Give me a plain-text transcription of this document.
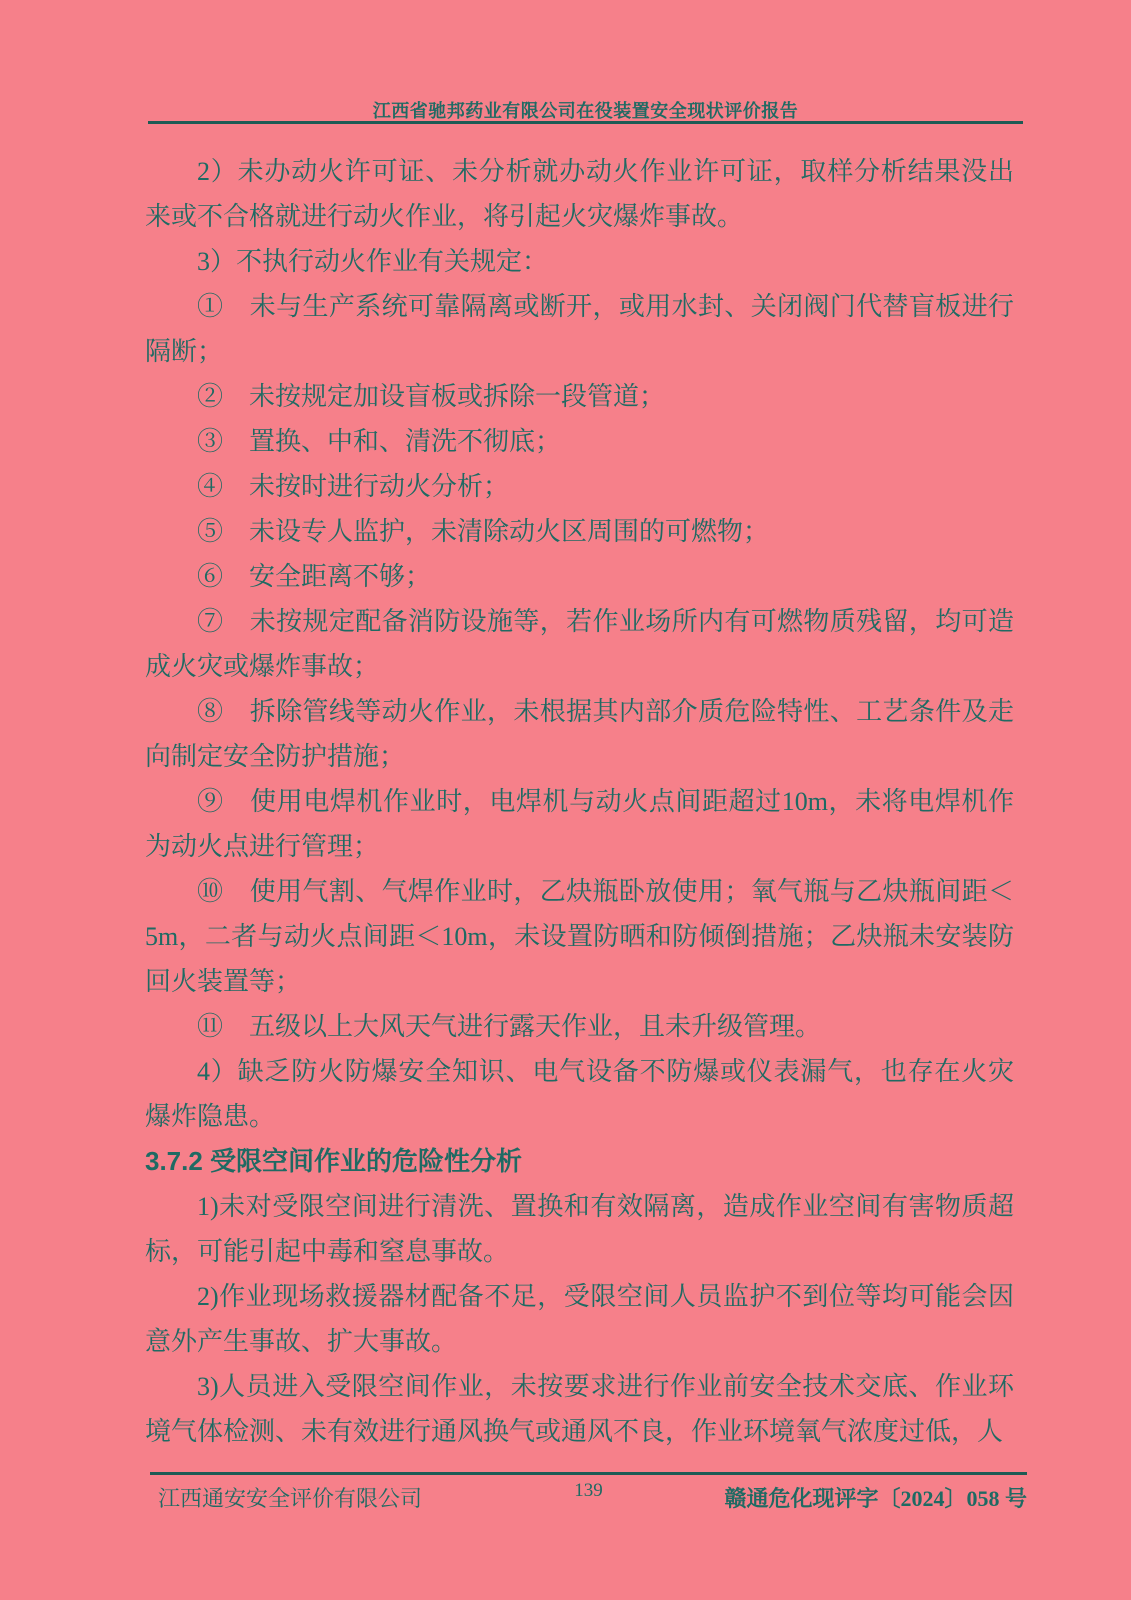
江西省驰邦药业有限公司在役装置安全现状评价报告

2）未办动火许可证、未分析就办动火作业许可证，取样分析结果没出来或不合格就进行动火作业，将引起火灾爆炸事故。

3）不执行动火作业有关规定：

①　未与生产系统可靠隔离或断开，或用水封、关闭阀门代替盲板进行隔断；

②　未按规定加设盲板或拆除一段管道；

③　置换、中和、清洗不彻底；

④　未按时进行动火分析；

⑤　未设专人监护，未清除动火区周围的可燃物；

⑥　安全距离不够；

⑦　未按规定配备消防设施等，若作业场所内有可燃物质残留，均可造成火灾或爆炸事故；

⑧　拆除管线等动火作业，未根据其内部介质危险特性、工艺条件及走向制定安全防护措施；

⑨　使用电焊机作业时，电焊机与动火点间距超过10m，未将电焊机作为动火点进行管理；

⑩　使用气割、气焊作业时，乙炔瓶卧放使用；氧气瓶与乙炔瓶间距＜5m，二者与动火点间距＜10m，未设置防晒和防倾倒措施；乙炔瓶未安装防回火装置等；

⑪　五级以上大风天气进行露天作业，且未升级管理。

4）缺乏防火防爆安全知识、电气设备不防爆或仪表漏气，也存在火灾爆炸隐患。

3.7.2 受限空间作业的危险性分析

1)未对受限空间进行清洗、置换和有效隔离，造成作业空间有害物质超标，可能引起中毒和窒息事故。

2)作业现场救援器材配备不足，受限空间人员监护不到位等均可能会因意外产生事故、扩大事故。

3)人员进入受限空间作业，未按要求进行作业前安全技术交底、作业环境气体检测、未有效进行通风换气或通风不良，作业环境氧气浓度过低，人

江西通安安全评价有限公司	139	赣通危化现评字〔2024〕058 号
